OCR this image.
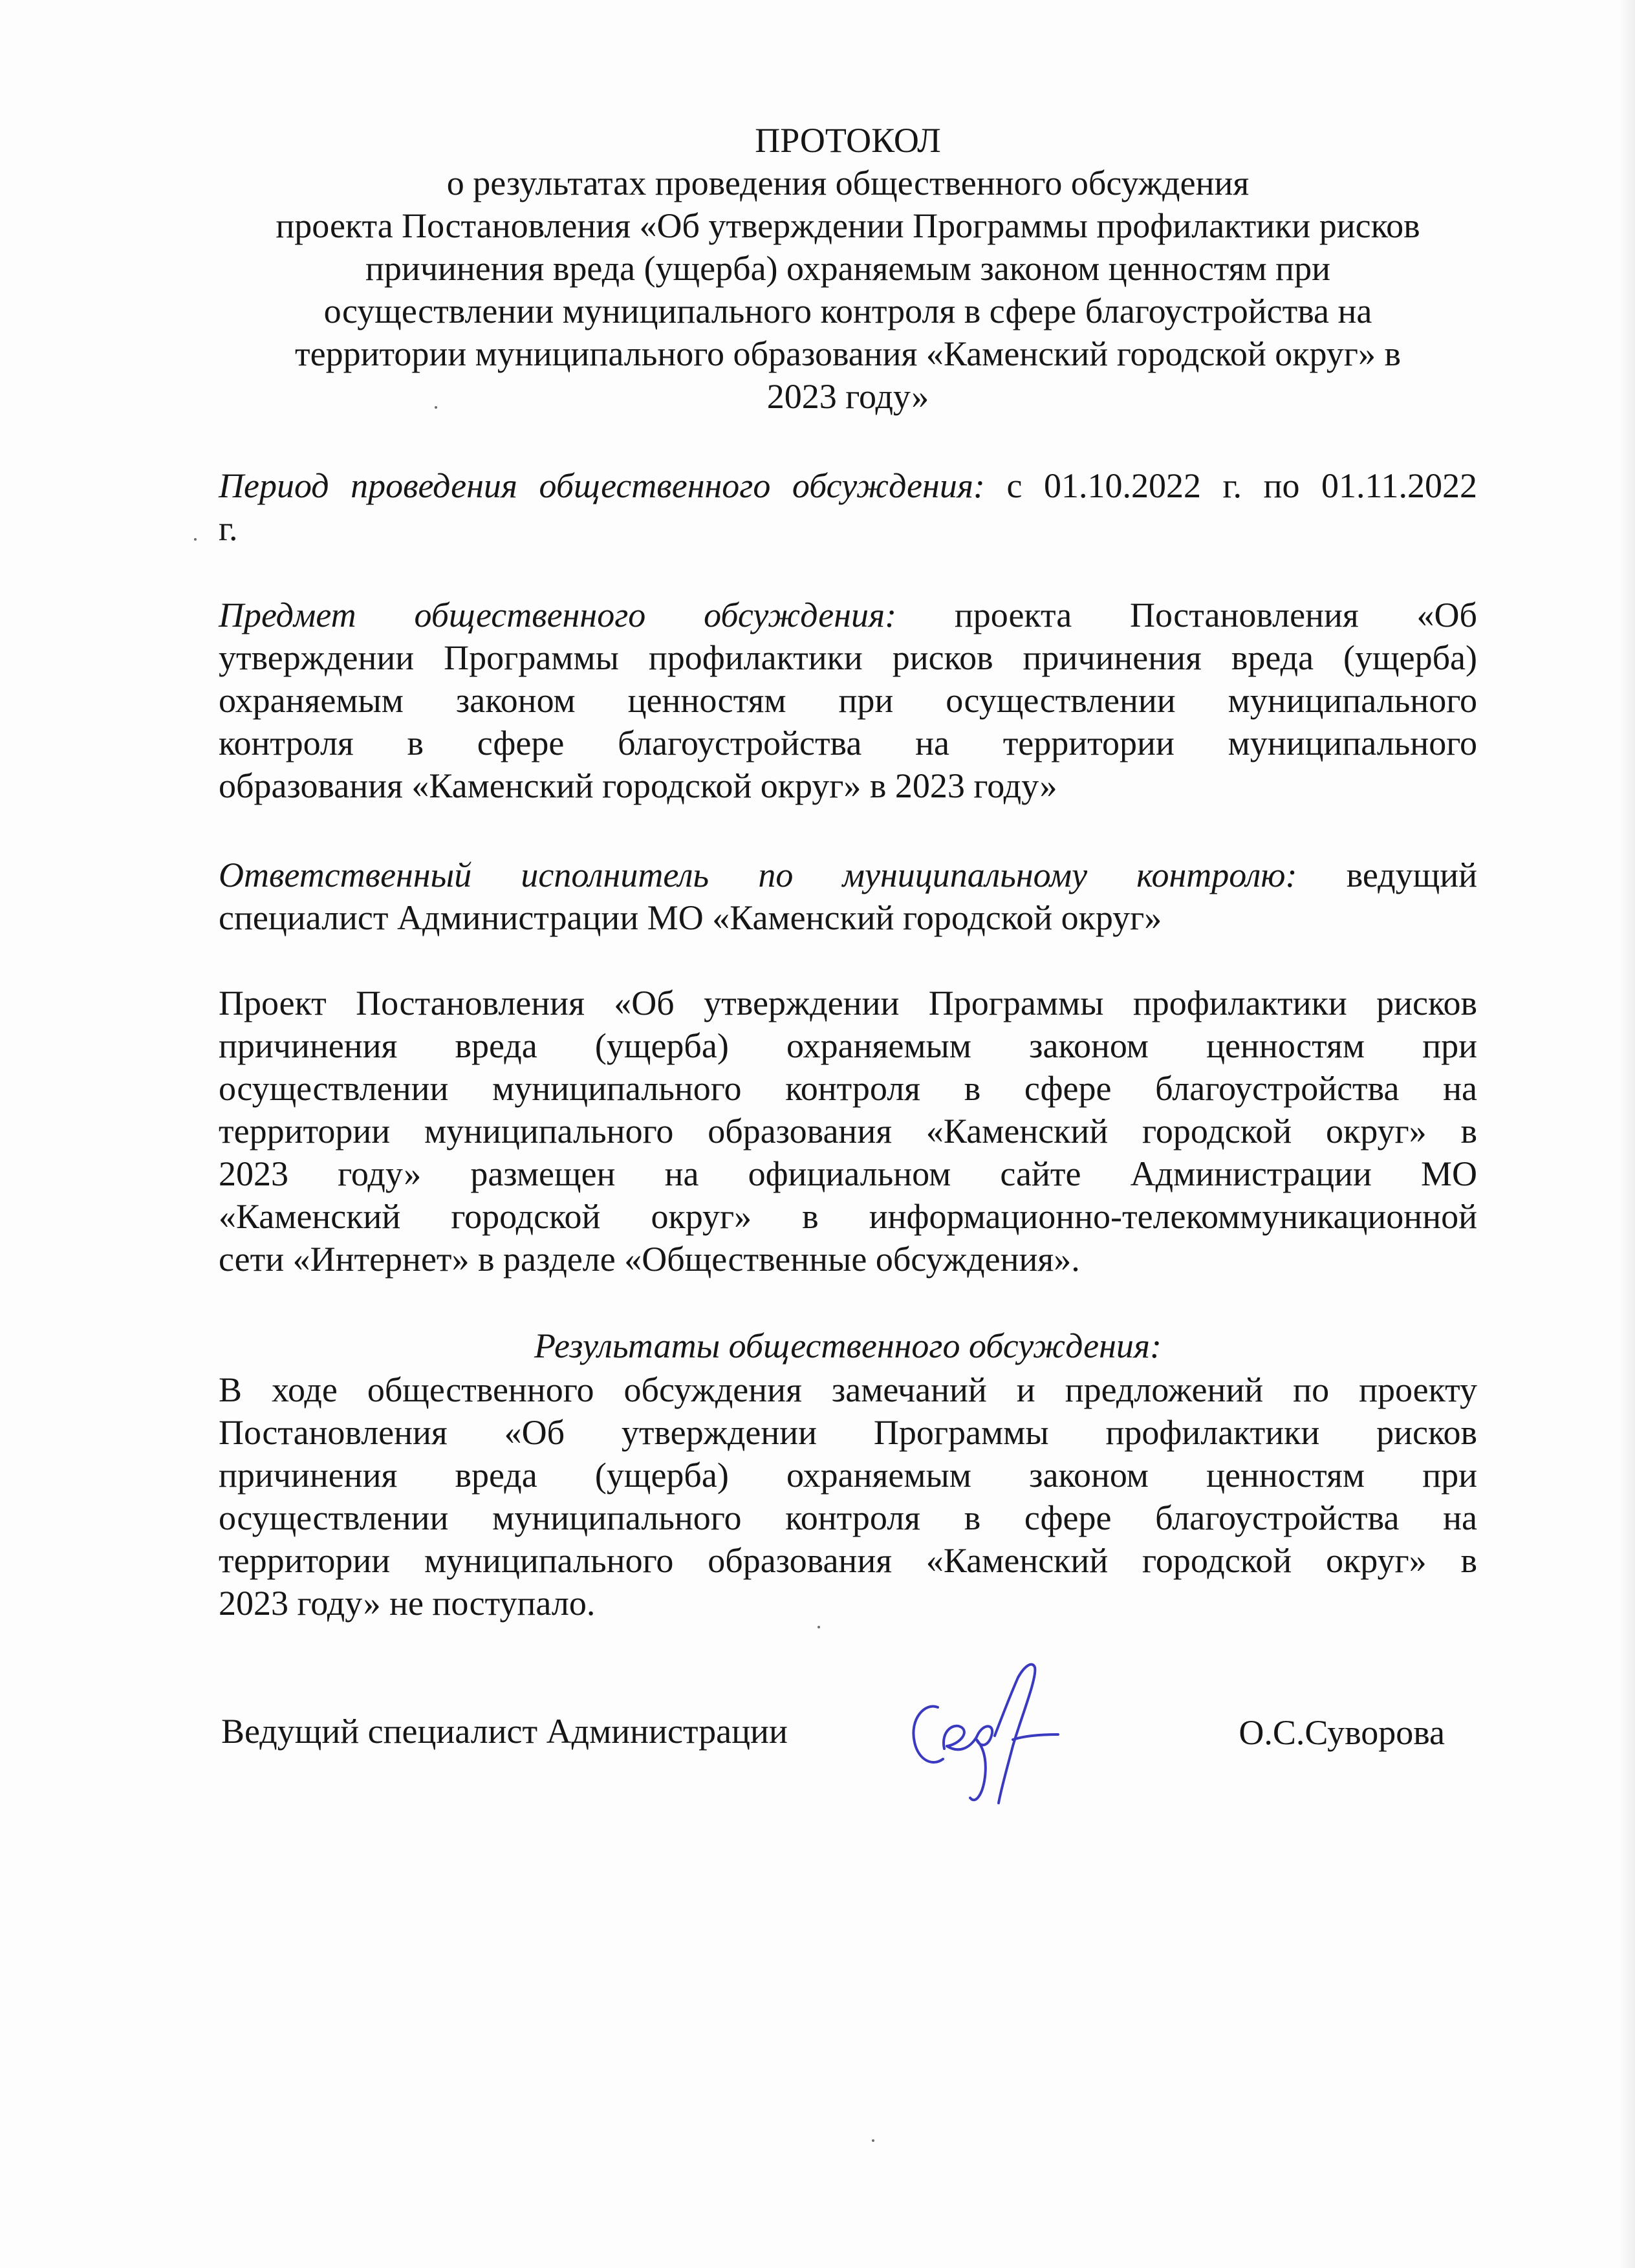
ПРОТОКОЛ
о результатах проведения общественного обсуждения
проекта Постановления «Об утверждении Программы профилактики рисков
причинения вреда (ущерба) охраняемым законом ценностям при
осуществлении муниципального контроля в сфере благоустройства на
территории муниципального образования «Каменский городской округ» в
2023 году»
Период проведения общественного обсуждения: с 01.10.2022 г. по 01.11.2022
г.
Предмет общественного обсуждения: проекта Постановления «Об
утверждении Программы профилактики рисков причинения вреда (ущерба)
охраняемым законом ценностям при осуществлении муниципального
контроля в сфере благоустройства на территории муниципального
образования «Каменский городской округ» в 2023 году»
Ответственный исполнитель по муниципальному контролю: ведущий
специалист Администрации МО «Каменский городской округ»
Проект Постановления «Об утверждении Программы профилактики рисков
причинения вреда (ущерба) охраняемым законом ценностям при
осуществлении муниципального контроля в сфере благоустройства на
территории муниципального образования «Каменский городской округ» в
2023 году» размещен на официальном сайте Администрации МО
«Каменский городской округ» в информационно-телекоммуникационной
сети «Интернет» в разделе «Общественные обсуждения».
Результаты общественного обсуждения:
В ходе общественного обсуждения замечаний и предложений по проекту
Постановления «Об утверждении Программы профилактики рисков
причинения вреда (ущерба) охраняемым законом ценностям при
осуществлении муниципального контроля в сфере благоустройства на
территории муниципального образования «Каменский городской округ» в
2023 году» не поступало.
Ведущий специалист Администрации	О.С.Суворова
